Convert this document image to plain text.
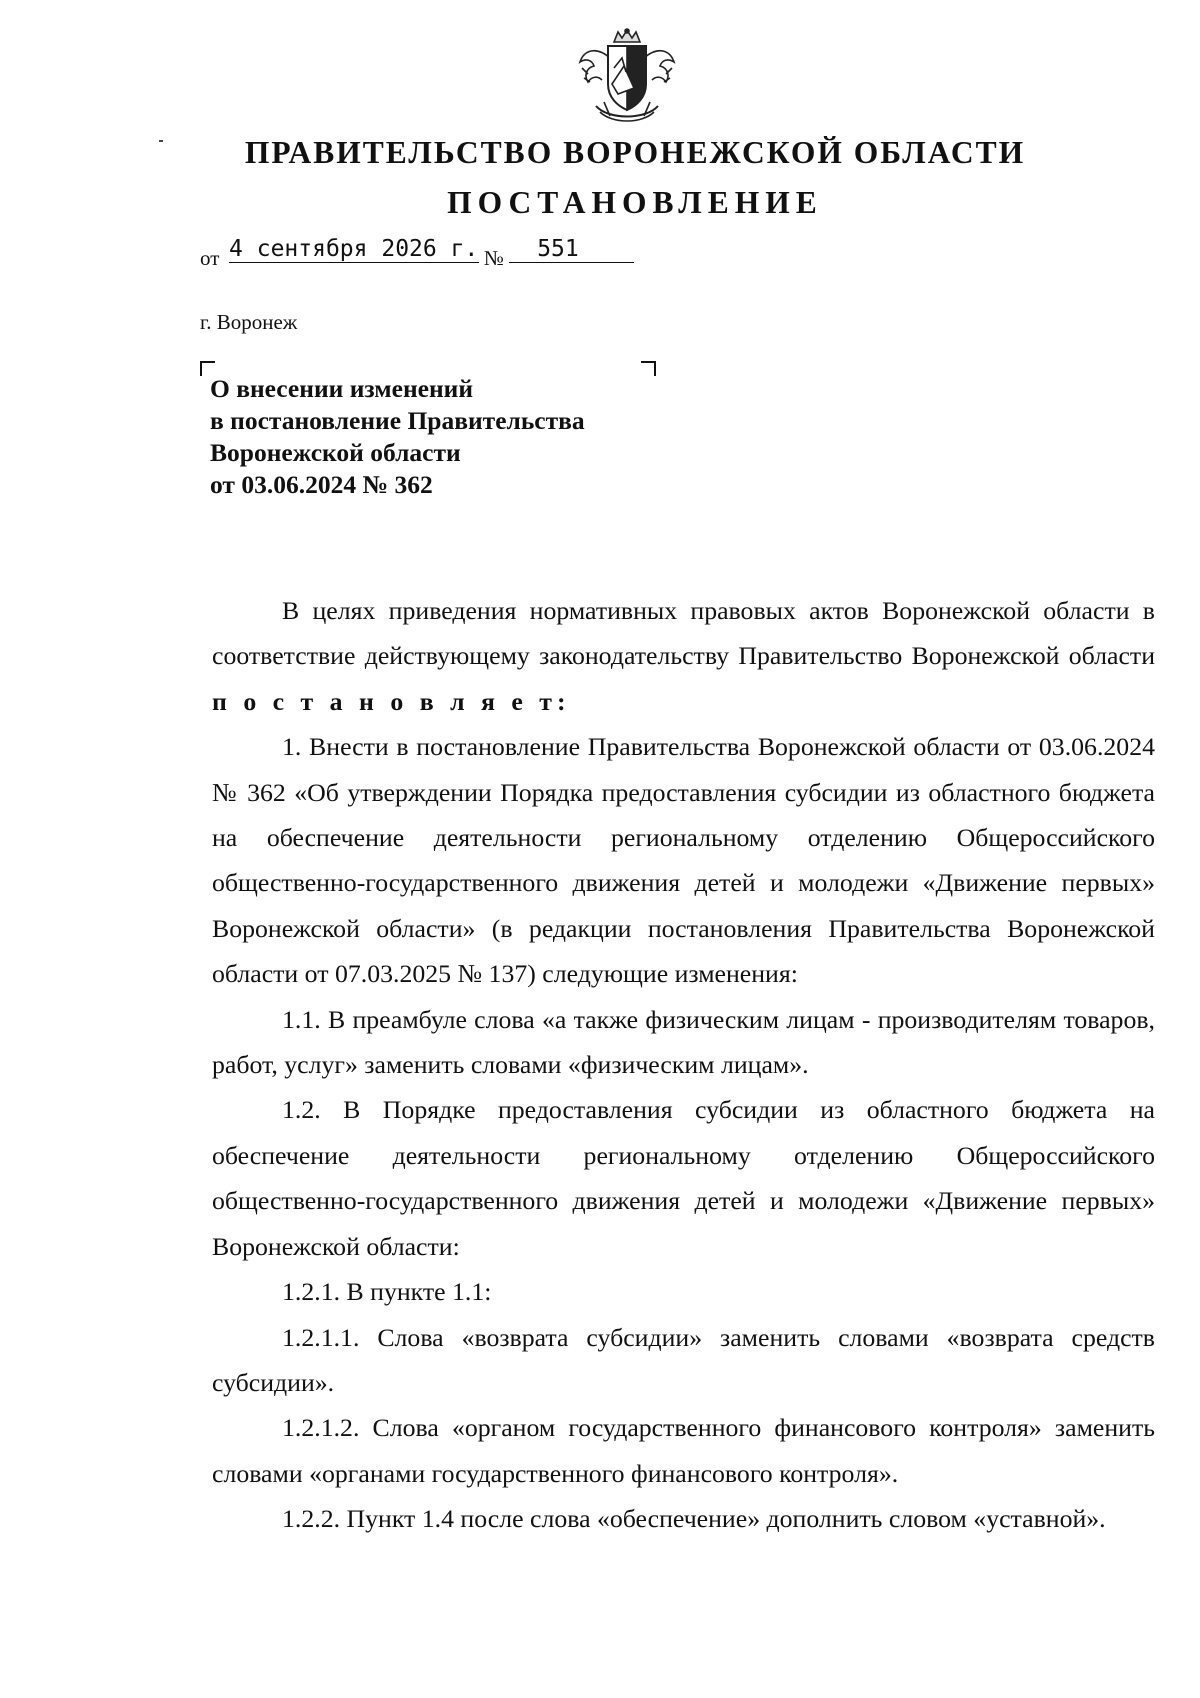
ПРАВИТЕЛЬСТВО ВОРОНЕЖСКОЙ ОБЛАСТИ
ПОСТАНОВЛЕНИЕ
от 4 сентября 2026 г. № 551
г. Воронеж
О внесении изменений
в постановление Правительства
Воронежской области
от 03.06.2024 № 362

В целях приведения нормативных правовых актов Воронежской области в соответствие действующему законодательству Правительство Воронежской области п о с т а н о в л я е т:

1. Внести в постановление Правительства Воронежской области от 03.06.2024 № 362 «Об утверждении Порядка предоставления субсидии из областного бюджета на обеспечение деятельности региональному отделению Общероссийского общественно-государственного движения детей и молодежи «Движение первых» Воронежской области» (в редакции постановления Правительства Воронежской области от 07.03.2025 № 137) следующие изменения:

1.1. В преамбуле слова «а также физическим лицам - производителям товаров, работ, услуг» заменить словами «физическим лицам».

1.2. В Порядке предоставления субсидии из областного бюджета на обеспечение деятельности региональному отделению Общероссийского общественно-государственного движения детей и молодежи «Движение первых» Воронежской области:

1.2.1. В пункте 1.1:

1.2.1.1. Слова «возврата субсидии» заменить словами «возврата средств субсидии».

1.2.1.2. Слова «органом государственного финансового контроля» заменить словами «органами государственного финансового контроля».

1.2.2. Пункт 1.4 после слова «обеспечение» дополнить словом «уставной».
